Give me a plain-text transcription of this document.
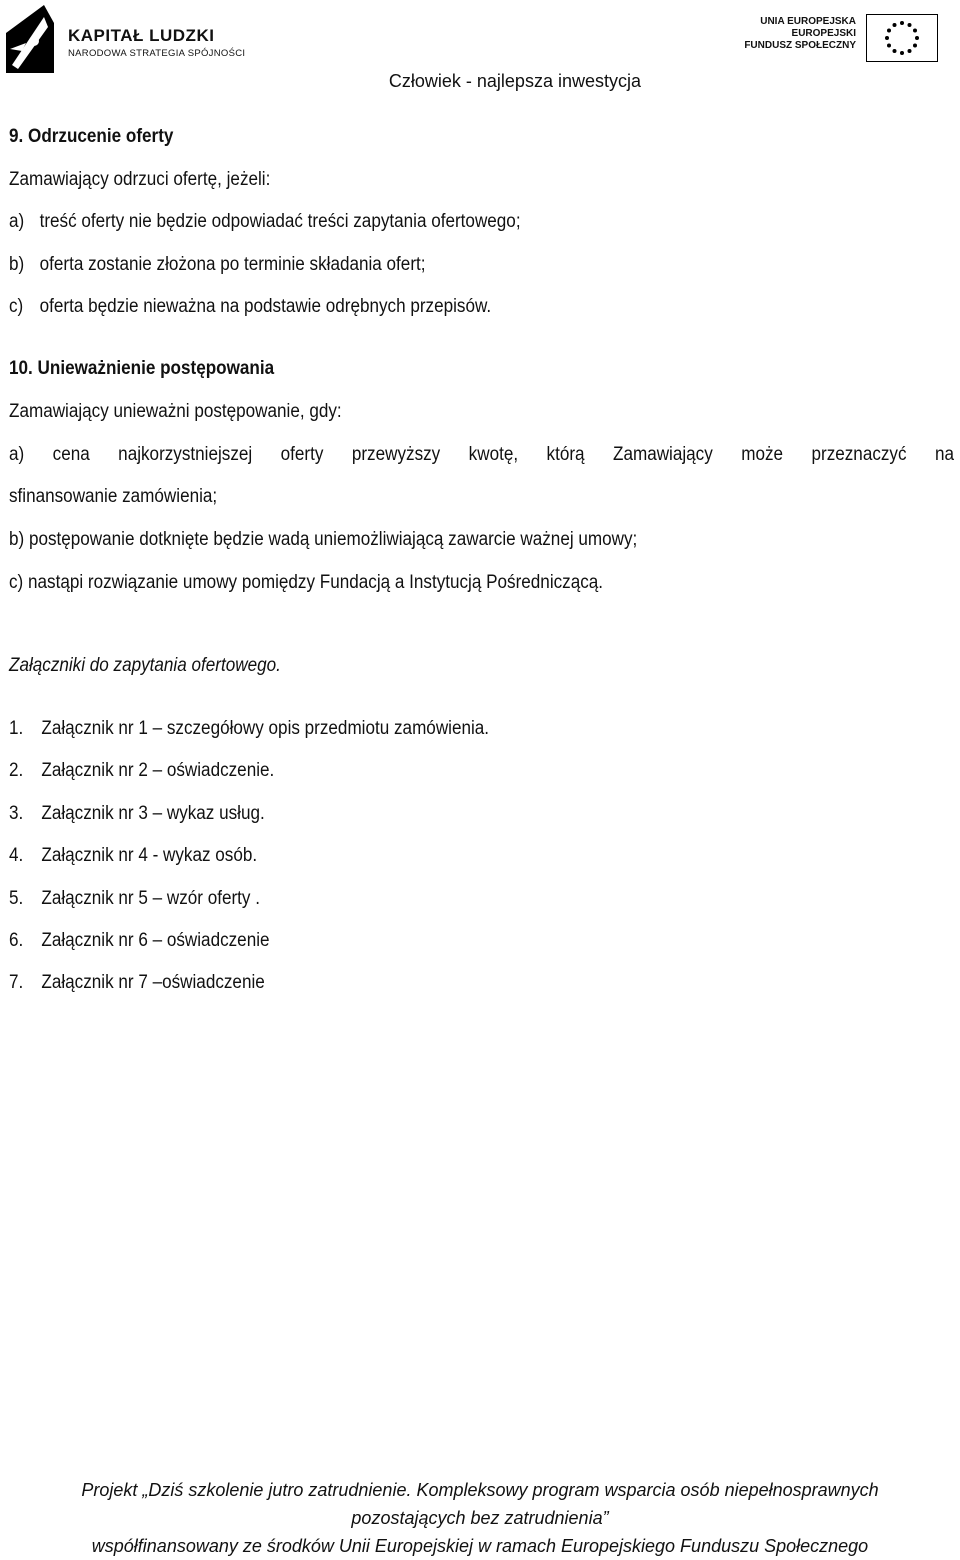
KAPITAŁ LUDZKI
NARODOWA STRATEGIA SPÓJNOŚCI
UNIA EUROPEJSKA
EUROPEJSKI
FUNDUSZ SPOŁECZNY
Człowiek - najlepsza inwestycja
9. Odrzucenie oferty
Zamawiający odrzuci ofertę, jeżeli:
a) treść oferty nie będzie odpowiadać treści zapytania ofertowego;
b) oferta zostanie złożona po terminie składania ofert;
c) oferta będzie nieważna na podstawie odrębnych przepisów.
10. Unieważnienie postępowania
Zamawiający unieważni postępowanie, gdy:
a) cena najkorzystniejszej oferty przewyższy kwotę, którą Zamawiający może przeznaczyć na
sfinansowanie zamówienia;
b) postępowanie dotknięte będzie wadą uniemożliwiającą zawarcie ważnej umowy;
c) nastąpi rozwiązanie umowy pomiędzy Fundacją a Instytucją Pośredniczącą.
Załączniki do zapytania ofertowego.
1. Załącznik nr 1 – szczegółowy opis przedmiotu zamówienia.
2. Załącznik nr 2 – oświadczenie.
3. Załącznik nr 3 – wykaz usług.
4. Załącznik nr 4 - wykaz osób.
5. Załącznik nr 5 – wzór oferty .
6. Załącznik nr 6 – oświadczenie
7. Załącznik nr 7 –oświadczenie
Projekt „Dziś szkolenie jutro zatrudnienie. Kompleksowy program wsparcia osób niepełnosprawnych
pozostających bez zatrudnienia”
współfinansowany ze środków Unii Europejskiej w ramach Europejskiego Funduszu Społecznego
